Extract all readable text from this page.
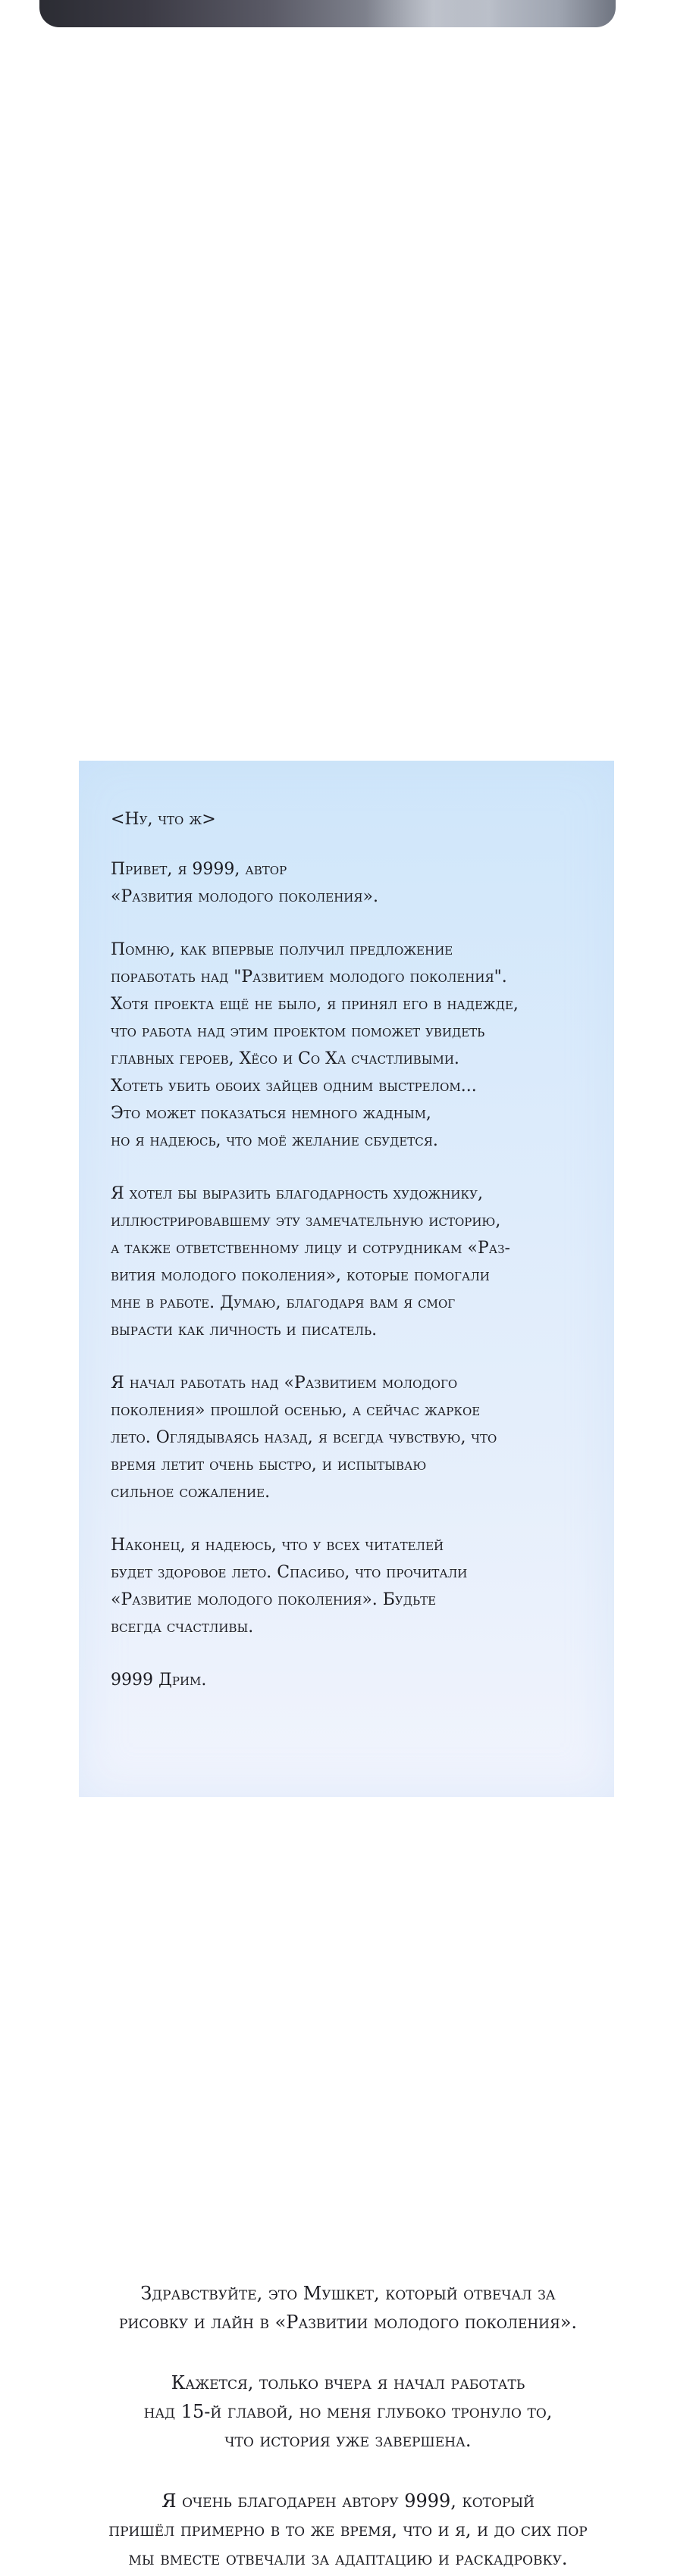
<Ну, что ж>

Привет, я 9999, автор
«Развития молодого поколения».

Помню, как впервые получил предложение
поработать над "Развитием молодого поколения".
Хотя проекта ещё не было, я принял его в надежде,
что работа над этим проектом поможет увидеть
главных героев, Хёсо и Со Ха счастливыми.
Хотеть убить обоих зайцев одним выстрелом...
Это может показаться немного жадным,
но я надеюсь, что моё желание сбудется.

Я хотел бы выразить благодарность художнику,
иллюстрировавшему эту замечательную историю,
а также ответственному лицу и сотрудникам «Раз-
вития молодого поколения», которые помогали
мне в работе. Думаю, благодаря вам я смог
вырасти как личность и писатель.

Я начал работать над «Развитием молодого
поколения» прошлой осенью, а сейчас жаркое
лето. Оглядываясь назад, я всегда чувствую, что
время летит очень быстро, и испытываю
сильное сожаление.

Наконец, я надеюсь, что у всех читателей
будет здоровое лето. Спасибо, что прочитали
«Развитие молодого поколения». Будьте
всегда счастливы.

9999 Дрим.

Здравствуйте, это Мушкет, который отвечал за
рисовку и лайн в «Развитии молодого поколения».

Кажется, только вчера я начал работать
над 15-й главой, но меня глубоко тронуло то,
что история уже завершена.

Я очень благодарен автору 9999, который
пришёл примерно в то же время, что и я, и до сих пор
мы вместе отвечали за адаптацию и раскадровку.
